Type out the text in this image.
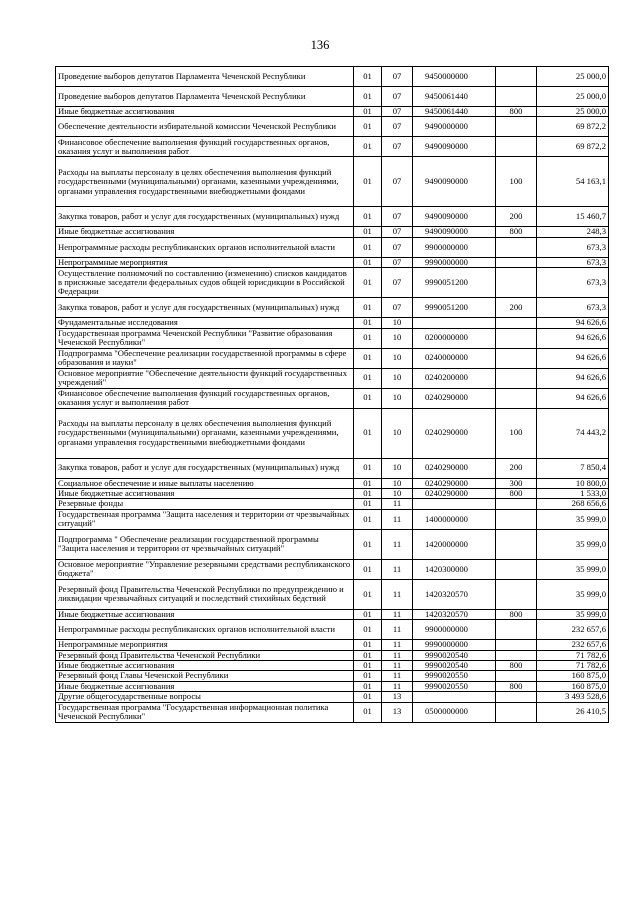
136
Проведение выборов депутатов Парламента Чеченской Республики	01	07	9450000000		25 000,0
Проведение выборов депутатов Парламента Чеченской Республики	01	07	9450061440		25 000,0
Иные бюджетные ассигнования	01	07	9450061440	800	25 000,0
Обеспечение деятельности избирательной комиссии Чеченской Республики	01	07	9490000000		69 872,2
Финансовое обеспечение выполнения функций государственных органов, оказания услуг и выполнения работ	01	07	9490090000		69 872,2
Расходы на выплаты персоналу в целях обеспечения выполнения функций государственными (муниципальными) органами, казенными учреждениями, органами управления государственными внебюджетными фондами	01	07	9490090000	100	54 163,1
Закупка товаров, работ и услуг для государственных (муниципальных) нужд	01	07	9490090000	200	15 460,7
Иные бюджетные ассигнования	01	07	9490090000	800	248,3
Непрограммные расходы республиканских органов исполнительной власти	01	07	9900000000		673,3
Непрограммные мероприятия	01	07	9990000000		673,3
Осуществление полномочий по составлению (изменению) списков кандидатов в присяжные заседатели федеральных судов общей юрисдикции в Российской Федерации	01	07	9990051200		673,3
Закупка товаров, работ и услуг для государственных (муниципальных) нужд	01	07	9990051200	200	673,3
Фундаментальные исследования	01	10			94 626,6
Государственная программа Чеченской Республики "Развитие образования Чеченской Республики"	01	10	0200000000		94 626,6
Подпрограмма "Обеспечение реализации государственной программы в сфере образования и науки"	01	10	0240000000		94 626,6
Основное мероприятие "Обеспечение деятельности функций государственных учреждений"	01	10	0240200000		94 626,6
Финансовое обеспечение выполнения функций государственных органов, оказания услуг и выполнения работ	01	10	0240290000		94 626,6
Расходы на выплаты персоналу в целях обеспечения выполнения функций государственными (муниципальными) органами, казенными учреждениями, органами управления государственными внебюджетными фондами	01	10	0240290000	100	74 443,2
Закупка товаров, работ и услуг для государственных (муниципальных) нужд	01	10	0240290000	200	7 850,4
Социальное обеспечение и иные выплаты населению	01	10	0240290000	300	10 800,0
Иные бюджетные ассигнования	01	10	0240290000	800	1 533,0
Резервные фонды	01	11			268 656,6
Государственная программа "Защита населения и территории от чрезвычайных ситуаций"	01	11	1400000000		35 999,0
Подпрограмма " Обеспечение реализации государственной программы "Защита населения и территории от чрезвычайных ситуаций"	01	11	1420000000		35 999,0
Основное мероприятие "Управление резервными средствами республиканского бюджета"	01	11	1420300000		35 999,0
Резервный фонд Правительства Чеченской Республики по предупреждению и ликвидации чрезвычайных ситуаций и последствий стихийных бедствий	01	11	1420320570		35 999,0
Иные бюджетные ассигнования	01	11	1420320570	800	35 999,0
Непрограммные расходы республиканских органов исполнительной власти	01	11	9900000000		232 657,6
Непрограммные мероприятия	01	11	9990000000		232 657,6
Резервный фонд Правительства Чеченской Республики	01	11	9990020540		71 782,6
Иные бюджетные ассигнования	01	11	9990020540	800	71 782,6
Резервный фонд Главы Чеченской Республики	01	11	9990020550		160 875,0
Иные бюджетные ассигнования	01	11	9990020550	800	160 875,0
Другие общегосударственные вопросы	01	13			3 493 528,6
Государственная программа "Государственная информационная политика Чеченской Республики"	01	13	0500000000		26 410,5
